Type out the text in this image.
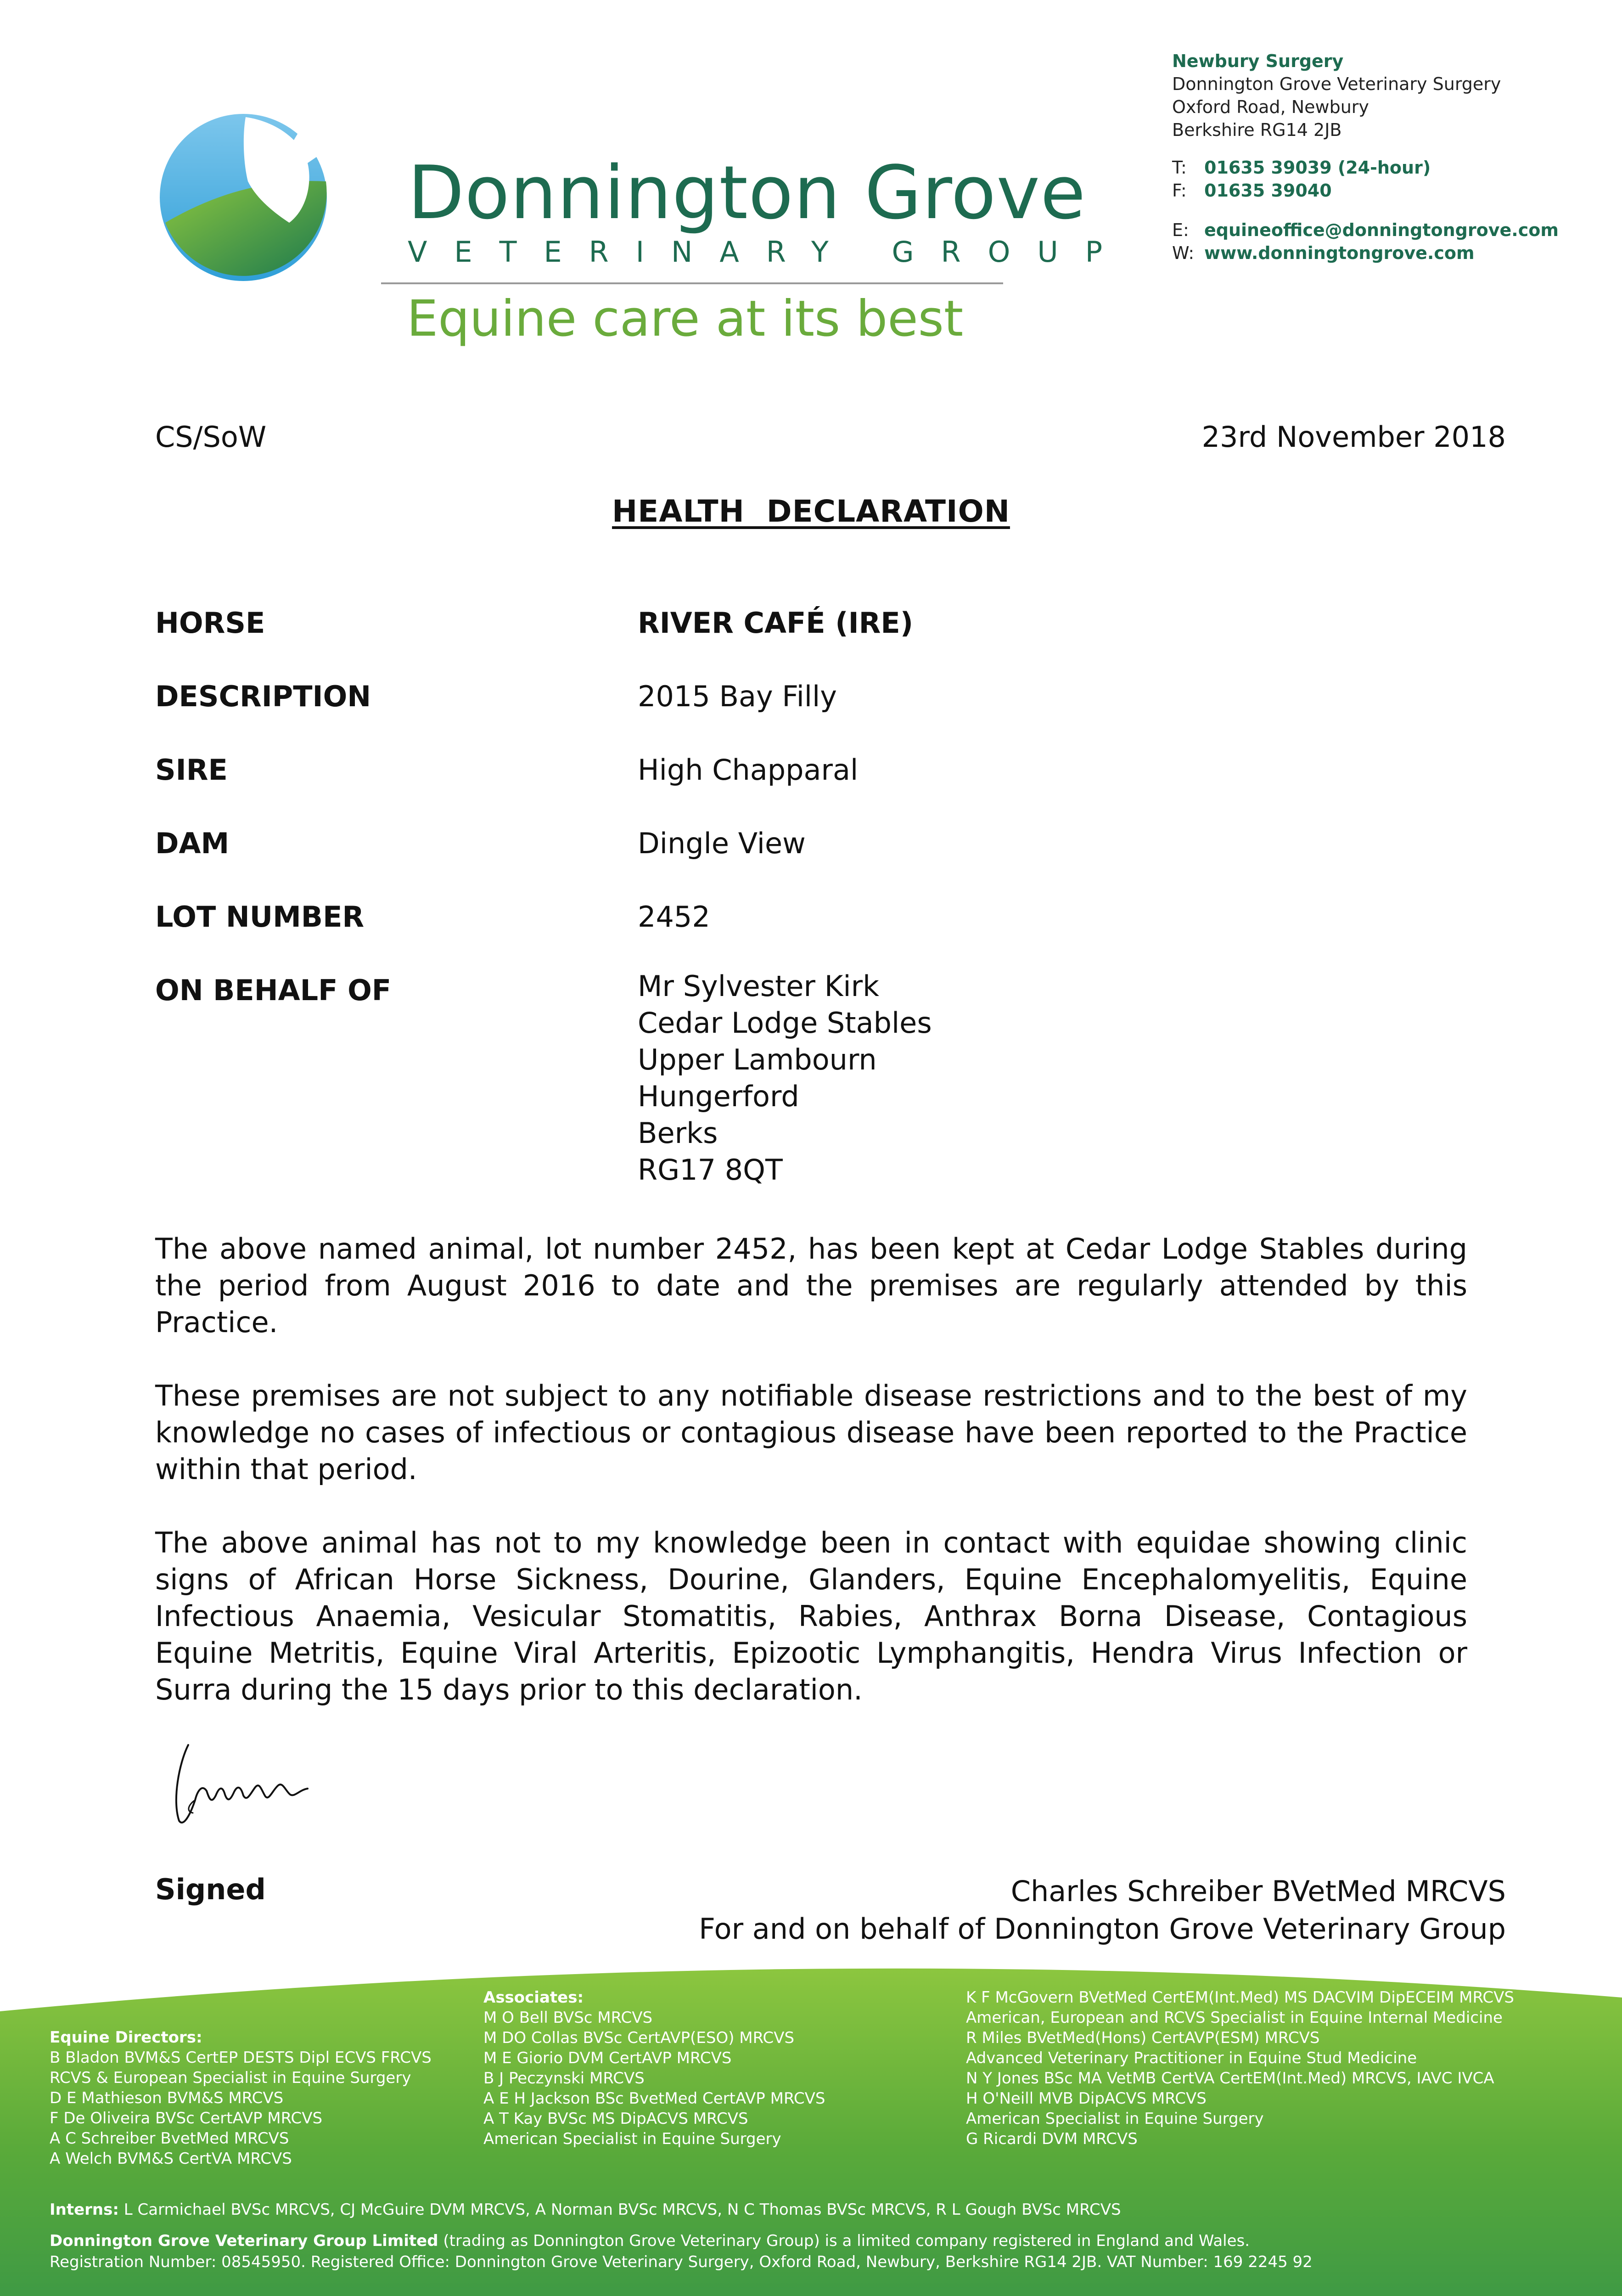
Donnington Grove
VETERINARY GROUP
Equine care at its best
Newbury Surgery
Donnington Grove Veterinary Surgery
Oxford Road, Newbury
Berkshire RG14 2JB
T: 01635 39039 (24-hour)
F: 01635 39040
E: equineoffice@donningtongrove.com
W: www.donningtongrove.com
CS/SoW	23rd November 2018
HEALTH  DECLARATION
HORSE	RIVER CAFÉ (IRE)
DESCRIPTION	2015 Bay Filly
SIRE	High Chapparal
DAM	Dingle View
LOT NUMBER	2452
ON BEHALF OF	Mr Sylvester Kirk
Cedar Lodge Stables
Upper Lambourn
Hungerford
Berks
RG17 8QT
The above named animal, lot number 2452, has been kept at Cedar Lodge Stables during the period from August 2016 to date and the premises are regularly attended by this Practice.
These premises are not subject to any notifiable disease restrictions and to the best of my knowledge no cases of infectious or contagious disease have been reported to the Practice within that period.
The above animal has not to my knowledge been in contact with equidae showing clinic signs of African Horse Sickness, Dourine, Glanders, Equine Encephalomyelitis, Equine Infectious Anaemia, Vesicular Stomatitis, Rabies, Anthrax Borna Disease, Contagious Equine Metritis, Equine Viral Arteritis, Epizootic Lymphangitis, Hendra Virus Infection or Surra during the 15 days prior to this declaration.
Signed	Charles Schreiber BVetMed MRCVS
For and on behalf of Donnington Grove Veterinary Group
Equine Directors:
B Bladon BVM&S CertEP DESTS Dipl ECVS FRCVS
RCVS & European Specialist in Equine Surgery
D E Mathieson BVM&S MRCVS
F De Oliveira BVSc CertAVP MRCVS
A C Schreiber BvetMed MRCVS
A Welch BVM&S CertVA MRCVS
Associates:
M O Bell BVSc MRCVS
M DO Collas BVSc CertAVP(ESO) MRCVS
M E Giorio DVM CertAVP MRCVS
B J Peczynski MRCVS
A E H Jackson BSc BvetMed CertAVP MRCVS
A T Kay BVSc MS DipACVS MRCVS
American Specialist in Equine Surgery
K F McGovern BVetMed CertEM(Int.Med) MS DACVIM DipECEIM MRCVS
American, European and RCVS Specialist in Equine Internal Medicine
R Miles BVetMed(Hons) CertAVP(ESM) MRCVS
Advanced Veterinary Practitioner in Equine Stud Medicine
N Y Jones BSc MA VetMB CertVA CertEM(Int.Med) MRCVS, IAVC IVCA
H O'Neill MVB DipACVS MRCVS
American Specialist in Equine Surgery
G Ricardi DVM MRCVS
Interns: L Carmichael BVSc MRCVS, CJ McGuire DVM MRCVS, A Norman BVSc MRCVS, N C Thomas BVSc MRCVS, R L Gough BVSc MRCVS
Donnington Grove Veterinary Group Limited (trading as Donnington Grove Veterinary Group) is a limited company registered in England and Wales.
Registration Number: 08545950. Registered Office: Donnington Grove Veterinary Surgery, Oxford Road, Newbury, Berkshire RG14 2JB. VAT Number: 169 2245 92
